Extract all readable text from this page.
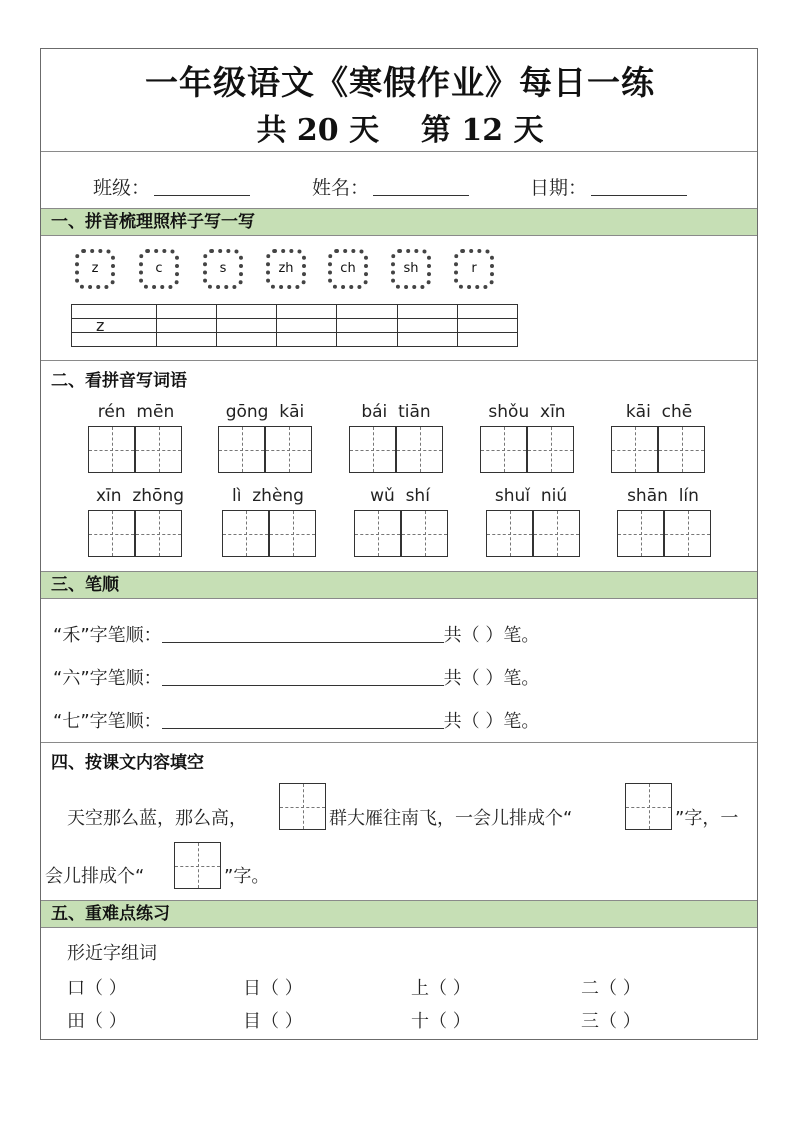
一年级语文《寒假作业》每日一练
共 20 天    第 12 天
班级：	姓名：	日期：
一、拼音梳理照样子写一写
z	c	s	zh	ch	sh	r

z						

二、看拼音写词语
rén  mēn	gōng  kāi	bái  tiān	shǒu  xīn	kāi  chē
xīn  zhōng	lì  zhèng	wǔ  shí	shuǐ  niú	shān  lín
三、笔顺
“禾”字笔顺：	共（ ）笔。
“六”字笔顺：	共（ ）笔。
“七”字笔顺：	共（ ）笔。
四、按课文内容填空
天空那么蓝，那么高，	群大雁往南飞，一会儿排成个“	”字，一
会儿排成个“	”字。
五、重难点练习
形近字组词
口（ ）	日（ ）	上（ ）	二（ ）
田（ ）	目（ ）	十（ ）	三（ ）
